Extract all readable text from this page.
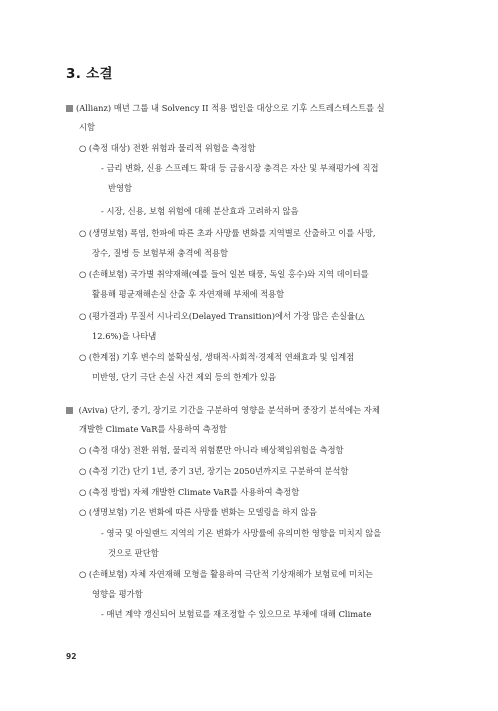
3. 소결
(Allianz) 매년 그룹 내 Solvency II 적용 법인을 대상으로 기후 스트레스테스트를 실
시함
○ (측정 대상) 전환 위험과 물리적 위험을 측정함
- 금리 변화, 신용 스프레드 확대 등 금융시장 충격은 자산 및 부채평가에 직접
반영함
- 시장, 신용, 보험 위험에 대해 분산효과 고려하지 않음
○ (생명보험) 폭염, 한파에 따른 초과 사망률 변화를 지역별로 산출하고 이를 사망,
장수, 질병 등 보험부채 충격에 적용함
○ (손해보험) 국가별 취약재해(예를 들어 일본 태풍, 독일 홍수)와 지역 데이터를
활용해 평균재해손실 산출 후 자연재해 부채에 적용함
○ (평가결과) 무질서 시나리오(Delayed Transition)에서 가장 많은 손실율(△
12.6%)을 나타냄
○ (한계점) 기후 변수의 불확실성, 생태적·사회적·경제적 연쇄효과 및 임계점
미반영, 단기 극단 손실 사건 제외 등의 한계가 있음
(Aviva) 단기, 중기, 장기로 기간을 구분하여 영향을 분석하며 중장기 분석에는 자체
개발한 Climate VaR를 사용하여 측정함
○ (측정 대상) 전환 위험, 물리적 위험뿐만 아니라 배상책임위험을 측정함
○ (측정 기간) 단기 1년, 중기 3년, 장기는 2050년까지로 구분하여 분석함
○ (측정 방법) 자체 개발한 Climate VaR를 사용하여 측정함
○ (생명보험) 기온 변화에 따른 사망률 변화는 모델링을 하지 않음
- 영국 및 아일랜드 지역의 기온 변화가 사망률에 유의미한 영향을 미치지 않을
것으로 판단함
○ (손해보험) 자체 자연재해 모형을 활용하여 극단적 기상재해가 보험료에 미치는
영향을 평가함
- 매년 계약 갱신되어 보험료를 재조정할 수 있으므로 부채에 대해 Climate
92
